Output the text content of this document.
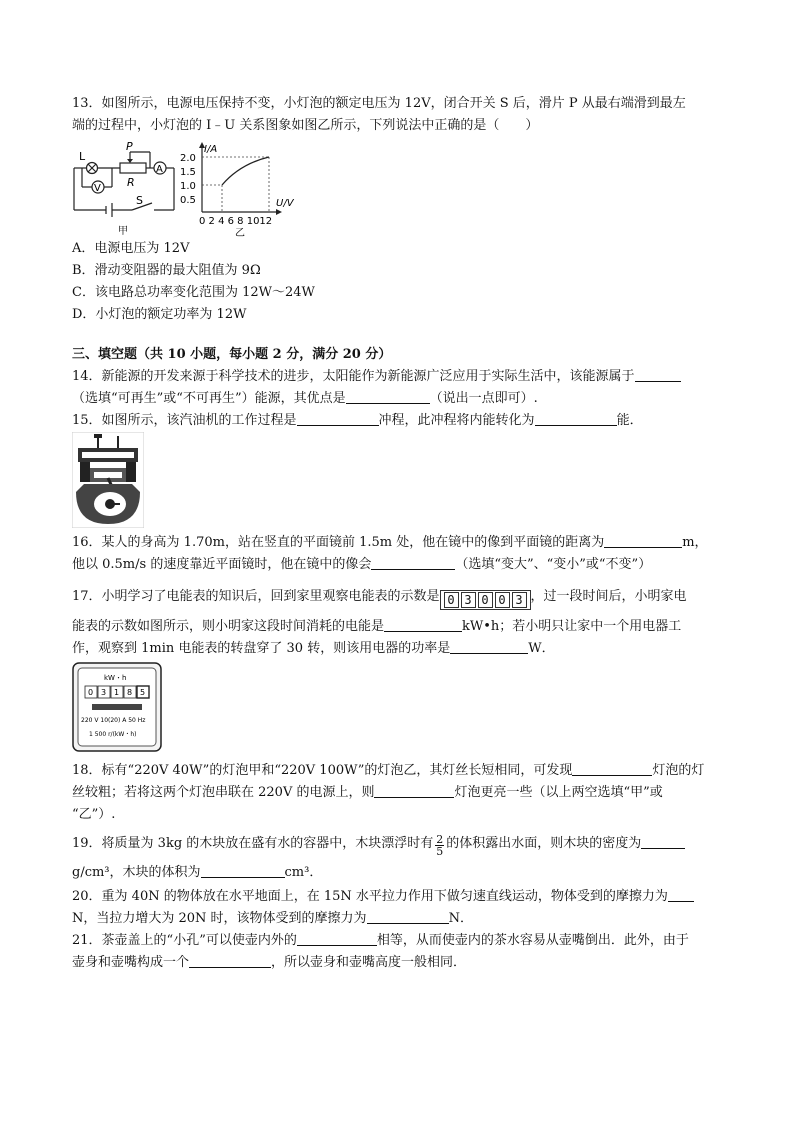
13．如图所示，电源电压保持不变，小灯泡的额定电压为 12V，闭合开关 S 后，滑片 P 从最右端滑到最左
端的过程中，小灯泡的 I﹣U 关系图象如图乙所示，下列说法中正确的是（　　）
L
P
R
A
V
S
甲
I/A
2.0
1.5
1.0
0.5	U/V
0 2 4 6 8 1012
乙
A．电源电压为 12V
B．滑动变阻器的最大阻值为 9Ω
C．该电路总功率变化范围为 12W～24W
D．小灯泡的额定功率为 12W
三、填空题（共 10 小题，每小题 2 分，满分 20 分）
14．新能源的开发来源于科学技术的进步，太阳能作为新能源广泛应用于实际生活中，该能源属于
（选填“可再生”或“不可再生”）能源，其优点是	（说出一点即可）.
15．如图所示，该汽油机的工作过程是	冲程，此冲程将内能转化为	能．
16．某人的身高为 1.70m，站在竖直的平面镜前 1.5m 处，他在镜中的像到平面镜的距离为	m，
他以 0.5m/s 的速度靠近平面镜时，他在镜中的像会	（选填“变大”、“变小”或“不变”）
17．小明学习了电能表的知识后，回到家里观察电能表的示数是 0 3 0 0 3 ，过一段时间后，小明家电
能表的示数如图所示，则小明家这段时间消耗的电能是	kW•h；若小明只让家中一个用电器工
作，观察到 1min 电能表的转盘穿了 30 转，则该用电器的功率是	W．
kW・h
0 3 1 8 5
220 V 10(20) A 50 Hz
1 500 r/(kW・h)
18．标有“220V 40W”的灯泡甲和“220V 100W”的灯泡乙，其灯丝长短相同，可发现	灯泡的灯
丝较粗；若将这两个灯泡串联在 220V 的电源上，则	灯泡更亮一些（以上两空选填“甲”或
“乙”）.
19．将质量为 3kg 的木块放在盛有水的容器中，木块漂浮时有 $\frac{2}{5}$ 的体积露出水面，则木块的密度为
g/cm³，木块的体积为	cm³．
20．重为 40N 的物体放在水平地面上，在 15N 水平拉力作用下做匀速直线运动，物体受到的摩擦力为
N，当拉力增大为 20N 时，该物体受到的摩擦力为	N．
21．茶壶盖上的“小孔”可以使壶内外的	相等，从而使壶内的茶水容易从壶嘴倒出．此外，由于
壶身和壶嘴构成一个	，所以壶身和壶嘴高度一般相同．
